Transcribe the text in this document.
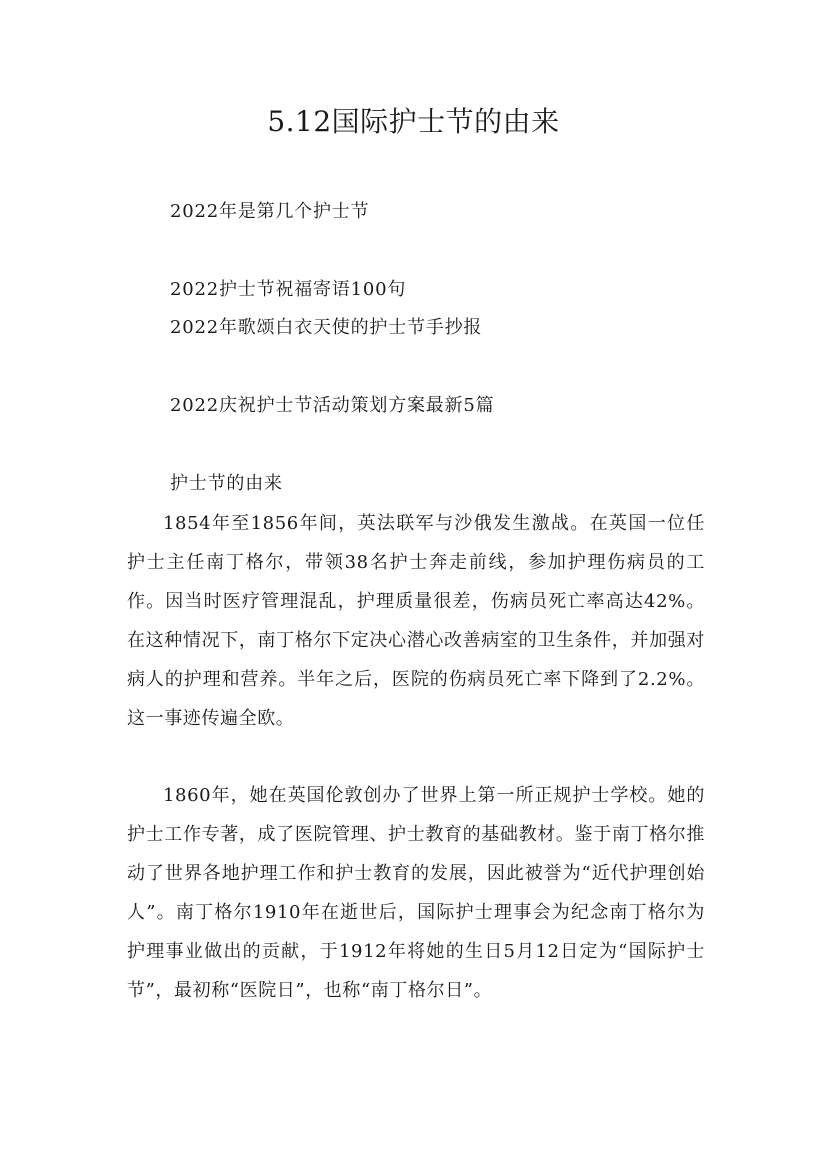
5.12国际护士节的由来
2022年是第几个护士节
2022护士节祝福寄语100句
2022年歌颂白衣天使的护士节手抄报
2022庆祝护士节活动策划方案最新5篇
护士节的由来

1854年至1856年间，英法联军与沙俄发生激战。在英国一位任护士主任南丁格尔，带领38名护士奔走前线，参加护理伤病员的工作。因当时医疗管理混乱，护理质量很差，伤病员死亡率高达42%。在这种情况下，南丁格尔下定决心潜心改善病室的卫生条件，并加强对病人的护理和营养。半年之后，医院的伤病员死亡率下降到了2.2%。这一事迹传遍全欧。

1860年，她在英国伦敦创办了世界上第一所正规护士学校。她的护士工作专著，成了医院管理、护士教育的基础教材。鉴于南丁格尔推动了世界各地护理工作和护士教育的发展，因此被誉为“近代护理创始人”。南丁格尔1910年在逝世后，国际护士理事会为纪念南丁格尔为护理事业做出的贡献，于1912年将她的生日5月12日定为“国际护士节”，最初称“医院日”，也称“南丁格尔日”。
